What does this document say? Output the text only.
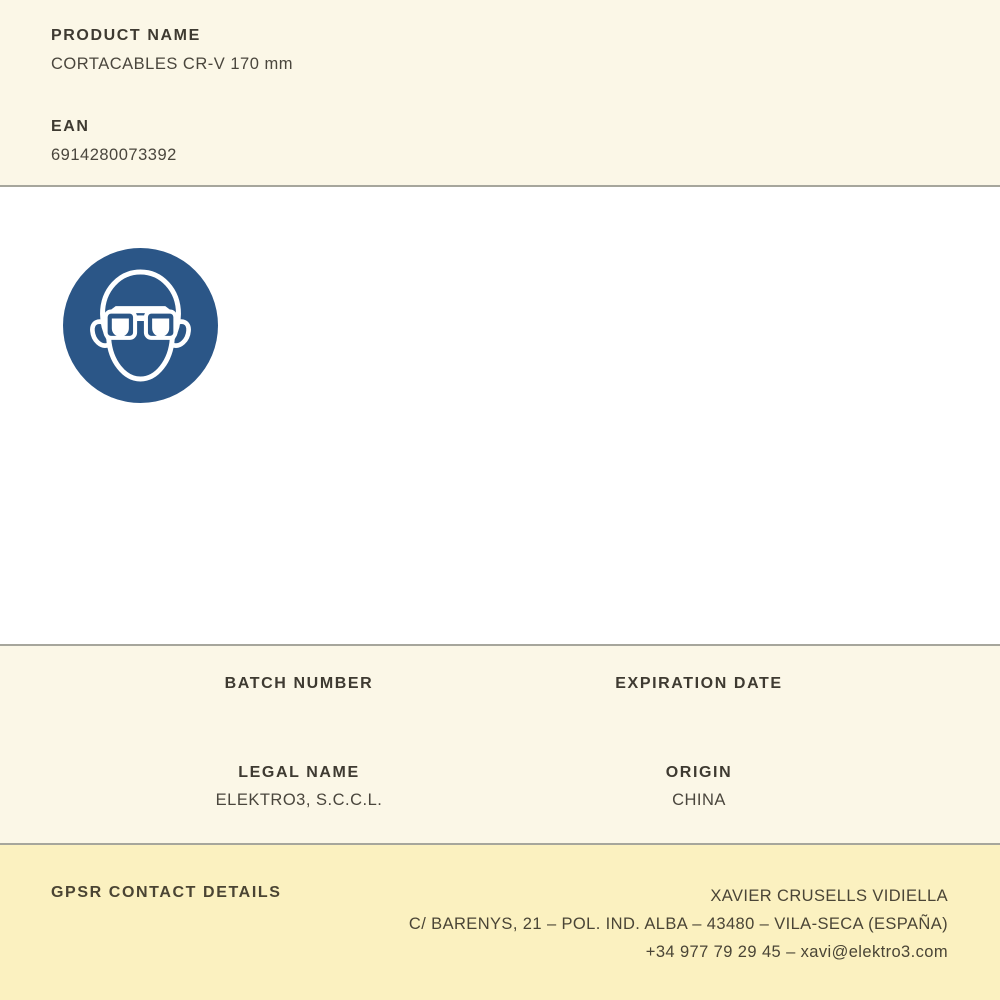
PRODUCT NAME
CORTACABLES CR-V 170 mm
EAN
6914280073392
BATCH NUMBER	EXPIRATION DATE
LEGAL NAME
ELEKTRO3, S.C.C.L.
ORIGIN
CHINA
GPSR CONTACT DETAILS	XAVIER CRUSELLS VIDIELLA
C/ BARENYS, 21 – POL. IND. ALBA – 43480 – VILA-SECA (ESPAÑA)
+34 977 79 29 45 – xavi@elektro3.com
